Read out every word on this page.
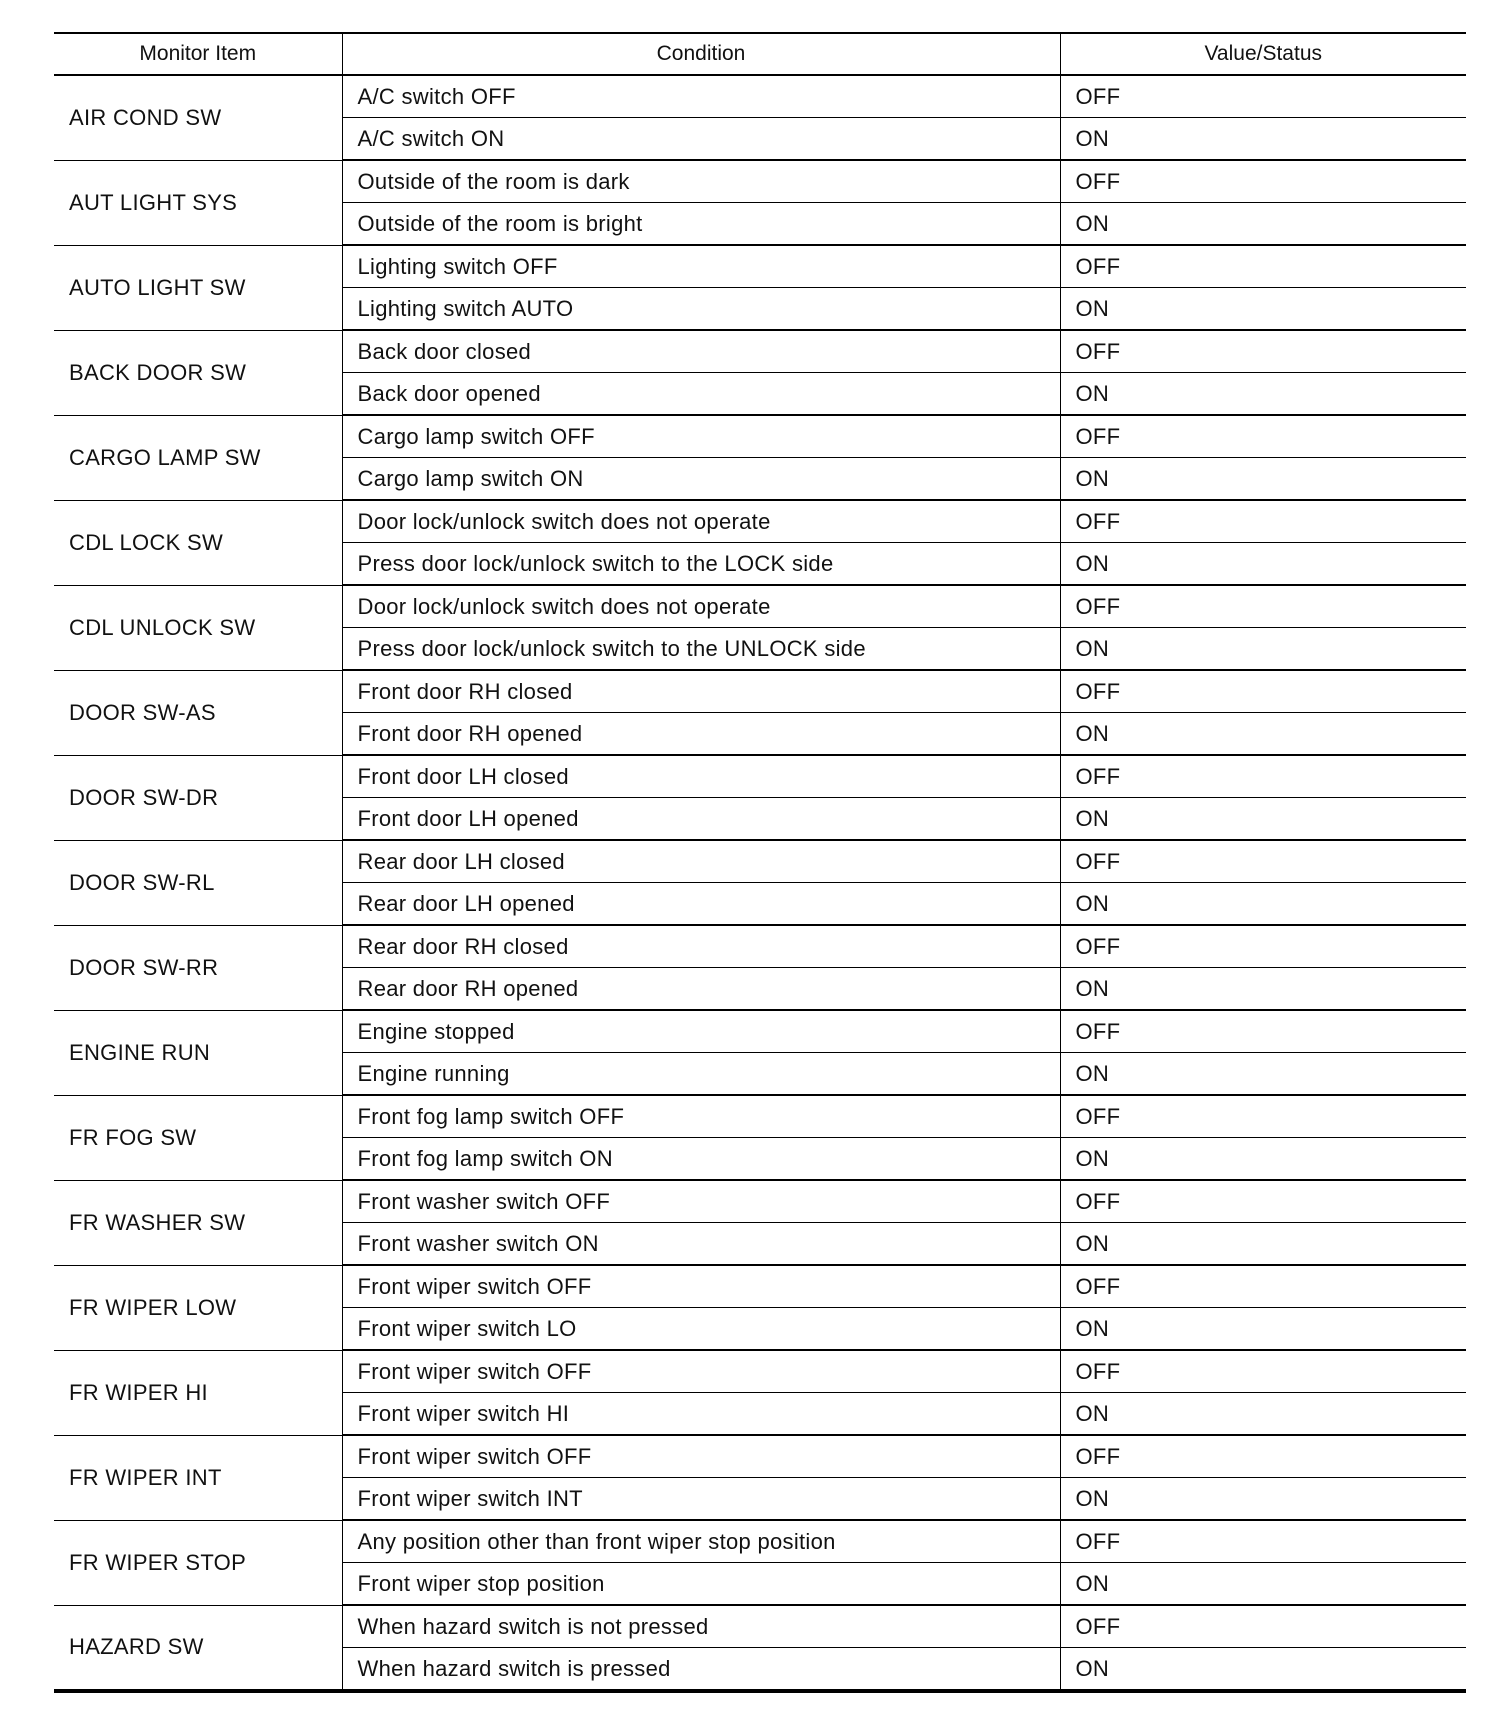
Monitor Item	Condition	Value/Status
AIR COND SW	A/C switch OFF	OFF
	A/C switch ON	ON
AUT LIGHT SYS	Outside of the room is dark	OFF
	Outside of the room is bright	ON
AUTO LIGHT SW	Lighting switch OFF	OFF
	Lighting switch AUTO	ON
BACK DOOR SW	Back door closed	OFF
	Back door opened	ON
CARGO LAMP SW	Cargo lamp switch OFF	OFF
	Cargo lamp switch ON	ON
CDL LOCK SW	Door lock/unlock switch does not operate	OFF
	Press door lock/unlock switch to the LOCK side	ON
CDL UNLOCK SW	Door lock/unlock switch does not operate	OFF
	Press door lock/unlock switch to the UNLOCK side	ON
DOOR SW-AS	Front door RH closed	OFF
	Front door RH opened	ON
DOOR SW-DR	Front door LH closed	OFF
	Front door LH opened	ON
DOOR SW-RL	Rear door LH closed	OFF
	Rear door LH opened	ON
DOOR SW-RR	Rear door RH closed	OFF
	Rear door RH opened	ON
ENGINE RUN	Engine stopped	OFF
	Engine running	ON
FR FOG SW	Front fog lamp switch OFF	OFF
	Front fog lamp switch ON	ON
FR WASHER SW	Front washer switch OFF	OFF
	Front washer switch ON	ON
FR WIPER LOW	Front wiper switch OFF	OFF
	Front wiper switch LO	ON
FR WIPER HI	Front wiper switch OFF	OFF
	Front wiper switch HI	ON
FR WIPER INT	Front wiper switch OFF	OFF
	Front wiper switch INT	ON
FR WIPER STOP	Any position other than front wiper stop position	OFF
	Front wiper stop position	ON
HAZARD SW	When hazard switch is not pressed	OFF
	When hazard switch is pressed	ON
